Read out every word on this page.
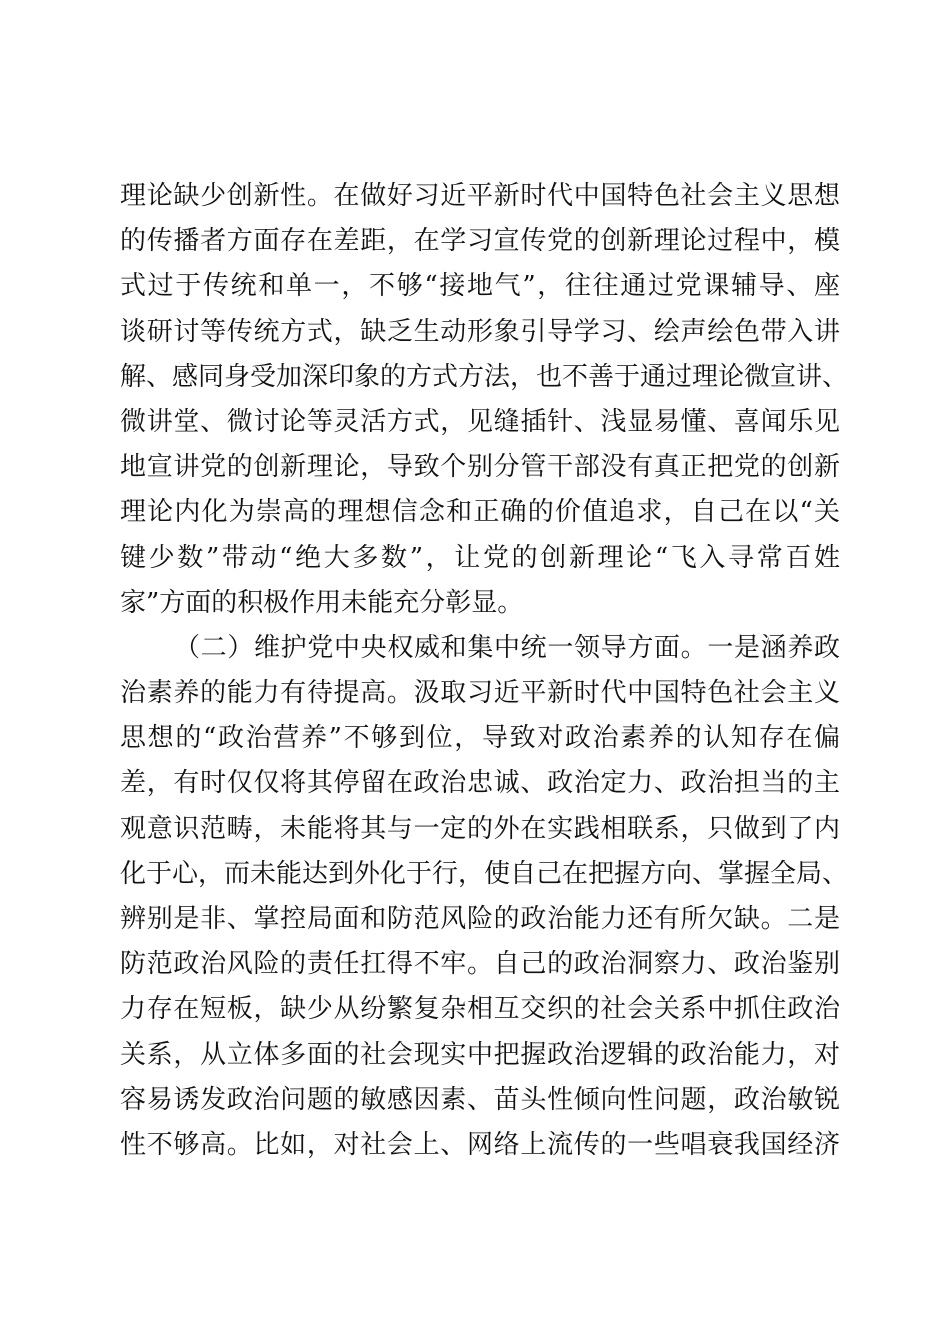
理论缺少创新性。在做好习近平新时代中国特色社会主义思想
的传播者方面存在差距，在学习宣传党的创新理论过程中，模
式过于传统和单一，不够“接地气”，往往通过党课辅导、座
谈研讨等传统方式，缺乏生动形象引导学习、绘声绘色带入讲
解、感同身受加深印象的方式方法，也不善于通过理论微宣讲、
微讲堂、微讨论等灵活方式，见缝插针、浅显易懂、喜闻乐见
地宣讲党的创新理论，导致个别分管干部没有真正把党的创新
理论内化为崇高的理想信念和正确的价值追求，自己在以“关
键少数”带动“绝大多数”，让党的创新理论“飞入寻常百姓
家”方面的积极作用未能充分彰显。
（二）维护党中央权威和集中统一领导方面。一是涵养政
治素养的能力有待提高。汲取习近平新时代中国特色社会主义
思想的“政治营养”不够到位，导致对政治素养的认知存在偏
差，有时仅仅将其停留在政治忠诚、政治定力、政治担当的主
观意识范畴，未能将其与一定的外在实践相联系，只做到了内
化于心，而未能达到外化于行，使自己在把握方向、掌握全局、
辨别是非、掌控局面和防范风险的政治能力还有所欠缺。二是
防范政治风险的责任扛得不牢。自己的政治洞察力、政治鉴别
力存在短板，缺少从纷繁复杂相互交织的社会关系中抓住政治
关系，从立体多面的社会现实中把握政治逻辑的政治能力，对
容易诱发政治问题的敏感因素、苗头性倾向性问题，政治敏锐
性不够高。比如，对社会上、网络上流传的一些唱衰我国经济
